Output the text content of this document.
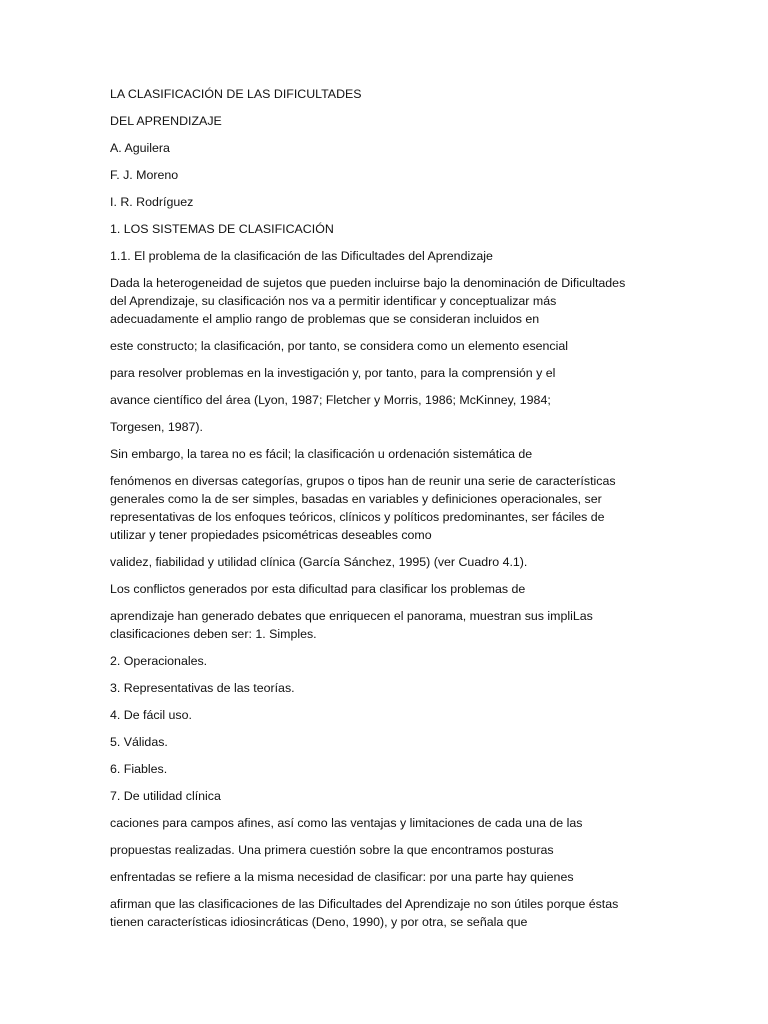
LA CLASIFICACIÓN DE LAS DIFICULTADES

DEL APRENDIZAJE

A. Aguilera

F. J. Moreno

I. R. Rodríguez

1. LOS SISTEMAS DE CLASIFICACIÓN

1.1. El problema de la clasificación de las Dificultades del Aprendizaje

Dada la heterogeneidad de sujetos que pueden incluirse bajo la denominación de Dificultades
del Aprendizaje, su clasificación nos va a permitir identificar y conceptualizar más
adecuadamente el amplio rango de problemas que se consideran incluidos en

este constructo; la clasificación, por tanto, se considera como un elemento esencial

para resolver problemas en la investigación y, por tanto, para la comprensión y el

avance científico del área (Lyon, 1987; Fletcher y Morris, 1986; McKinney, 1984;

Torgesen, 1987).

Sin embargo, la tarea no es fácil; la clasificación u ordenación sistemática de

fenómenos en diversas categorías, grupos o tipos han de reunir una serie de características
generales como la de ser simples, basadas en variables y definiciones operacionales, ser
representativas de los enfoques teóricos, clínicos y políticos predominantes, ser fáciles de
utilizar y tener propiedades psicométricas deseables como

validez, fiabilidad y utilidad clínica (García Sánchez, 1995) (ver Cuadro 4.1).

Los conflictos generados por esta dificultad para clasificar los problemas de

aprendizaje han generado debates que enriquecen el panorama, muestran sus impliLas
clasificaciones deben ser: 1. Simples.

2. Operacionales.

3. Representativas de las teorías.

4. De fácil uso.

5. Válidas.

6. Fiables.

7. De utilidad clínica

caciones para campos afines, así como las ventajas y limitaciones de cada una de las

propuestas realizadas. Una primera cuestión sobre la que encontramos posturas

enfrentadas se refiere a la misma necesidad de clasificar: por una parte hay quienes

afirman que las clasificaciones de las Dificultades del Aprendizaje no son útiles porque éstas
tienen características idiosincráticas (Deno, 1990), y por otra, se señala que
